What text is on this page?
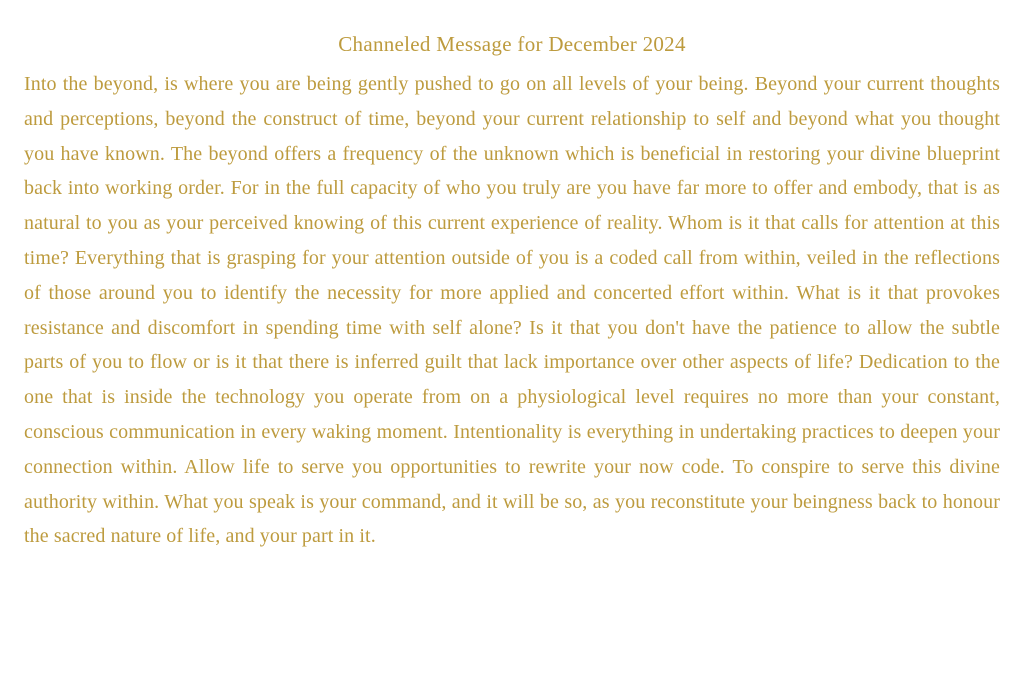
Channeled Message for December 2024

Into the beyond, is where you are being gently pushed to go on all levels of your being. Beyond your current thoughts and perceptions, beyond the construct of time, beyond your current relationship to self and beyond what you thought you have known. The beyond offers a frequency of the unknown which is beneficial in restoring your divine blueprint back into working order. For in the full capacity of who you truly are you have far more to offer and embody, that is as natural to you as your perceived knowing of this current experience of reality. Whom is it that calls for attention at this time? Everything that is grasping for your attention outside of you is a coded call from within, veiled in the reflections of those around you to identify the necessity for more applied and concerted effort within. What is it that provokes resistance and discomfort in spending time with self alone? Is it that you don't have the patience to allow the subtle parts of you to flow or is it that there is inferred guilt that lack importance over other aspects of life? Dedication to the one that is inside the technology you operate from on a physiological level requires no more than your constant, conscious communication in every waking moment. Intentionality is everything in undertaking practices to deepen your connection within. Allow life to serve you opportunities to rewrite your now code. To conspire to serve this divine authority within. What you speak is your command, and it will be so, as you reconstitute your beingness back to honour the sacred nature of life, and your part in it.
